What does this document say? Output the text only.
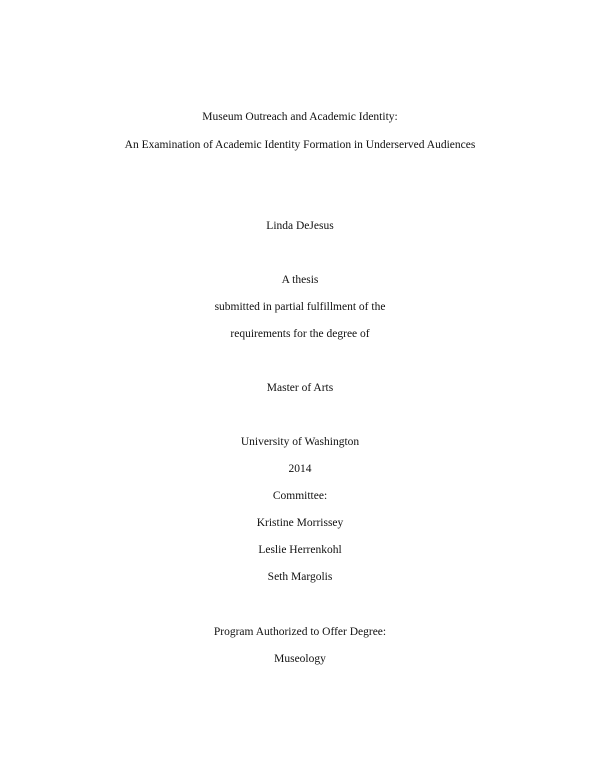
Museum Outreach and Academic Identity:
An Examination of Academic Identity Formation in Underserved Audiences
Linda DeJesus
A thesis
submitted in partial fulfillment of the
requirements for the degree of
Master of Arts
University of Washington
2014
Committee:
Kristine Morrissey
Leslie Herrenkohl
Seth Margolis
Program Authorized to Offer Degree:
Museology
